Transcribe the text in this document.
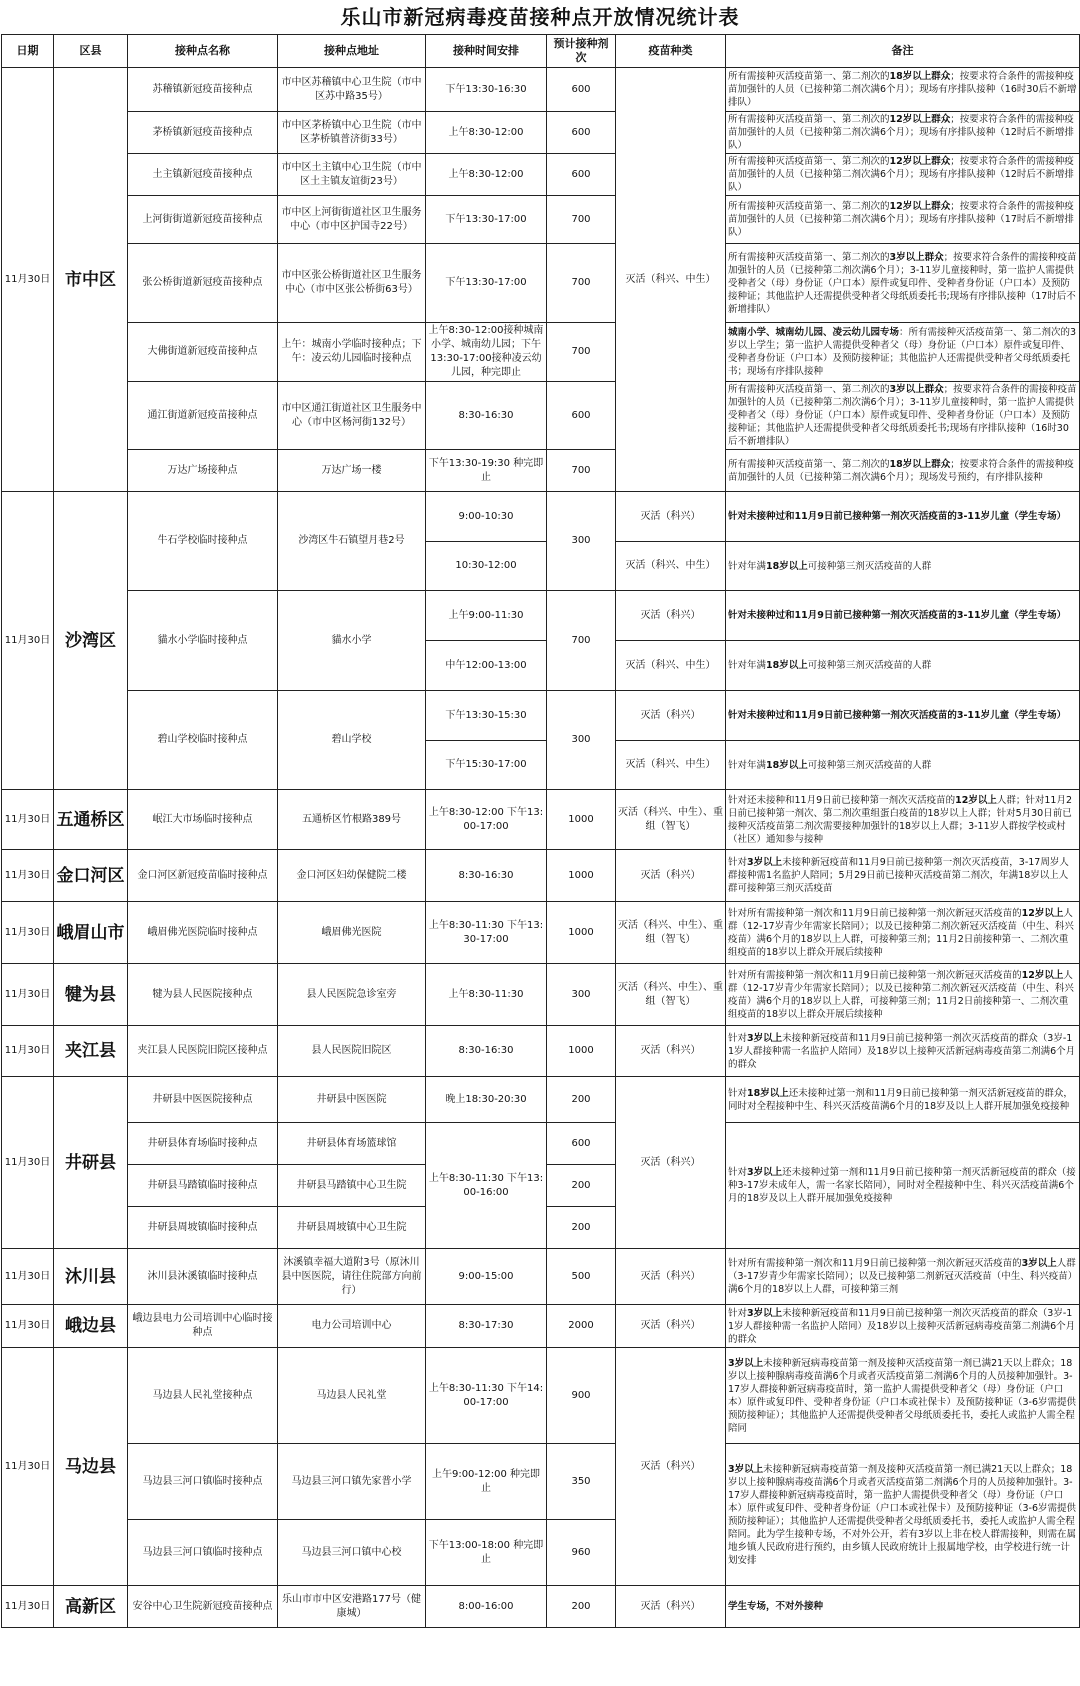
乐山市新冠病毒疫苗接种点开放情况统计表
日期	区县	接种点名称	接种点地址	接种时间安排	预计接种剂次	疫苗种类	备注
11月30日	市中区	苏稽镇新冠疫苗接种点	市中区苏稽镇中心卫生院（市中区苏中路35号）	下午13:30-16:30	600	灭活（科兴、中生）	所有需接种灭活疫苗第一、第二剂次的18岁以上群众；按要求符合条件的需接种疫苗加强针的人员（已接种第二剂次满6个月）；现场有序排队接种（16时30后不新增排队）
		茅桥镇新冠疫苗接种点	市中区茅桥镇中心卫生院（市中区茅桥镇普济街33号）	上午8:30-12:00	600		所有需接种灭活疫苗第一、第二剂次的12岁以上群众；按要求符合条件的需接种疫苗加强针的人员（已接种第二剂次满6个月）；现场有序排队接种（12时后不新增排队）
		土主镇新冠疫苗接种点	市中区土主镇中心卫生院（市中区土主镇友谊街23号）	上午8:30-12:00	600		所有需接种灭活疫苗第一、第二剂次的12岁以上群众；按要求符合条件的需接种疫苗加强针的人员（已接种第二剂次满6个月）；现场有序排队接种（12时后不新增排队）
		上河街街道新冠疫苗接种点	市中区上河街街道社区卫生服务中心（市中区护国寺22号）	下午13:30-17:00	700		所有需接种灭活疫苗第一、第二剂次的12岁以上群众；按要求符合条件的需接种疫苗加强针的人员（已接种第二剂次满6个月）；现场有序排队接种（17时后不新增排队）
		张公桥街道新冠疫苗接种点	市中区张公桥街道社区卫生服务中心（市中区张公桥街63号）	下午13:30-17:00	700		所有需接种灭活疫苗第一、第二剂次的3岁以上群众；按要求符合条件的需接种疫苗加强针的人员（已接种第二剂次满6个月）；3-11岁儿童接种时，第一监护人需提供受种者父（母）身份证（户口本）原件或复印件、受种者身份证（户口本）及预防接种证；其他监护人还需提供受种者父母纸质委托书;现场有序排队接种（17时后不新增排队）
		大佛街道新冠疫苗接种点	上午：城南小学临时接种点；下午：凌云幼儿园临时接种点	上午8:30-12:00接种城南小学、城南幼儿园；下午13:30-17:00接种凌云幼儿园，种完即止	700		城南小学、城南幼儿园、凌云幼儿园专场：所有需接种灭活疫苗第一、第二剂次的3岁以上学生；第一监护人需提供受种者父（母）身份证（户口本）原件或复印件、受种者身份证（户口本）及预防接种证；其他监护人还需提供受种者父母纸质委托书；现场有序排队接种
		通江街道新冠疫苗接种点	市中区通江街道社区卫生服务中心（市中区杨河街132号）	8:30-16:30	600		所有需接种灭活疫苗第一、第二剂次的3岁以上群众；按要求符合条件的需接种疫苗加强针的人员（已接种第二剂次满6个月）；3-11岁儿童接种时，第一监护人需提供受种者父（母）身份证（户口本）原件或复印件、受种者身份证（户口本）及预防接种证；其他监护人还需提供受种者父母纸质委托书;现场有序排队接种（16时30后不新增排队）
		万达广场接种点	万达广场一楼	下午13:30-19:30 种完即止	700		所有需接种灭活疫苗第一、第二剂次的18岁以上群众；按要求符合条件的需接种疫苗加强针的人员（已接种第二剂次满6个月）；现场发号预约，有序排队接种
11月30日	沙湾区	牛石学校临时接种点	沙湾区牛石镇望月巷2号	9:00-10:30	300	灭活（科兴）	针对未接种过和11月9日前已接种第一剂次灭活疫苗的3-11岁儿童（学生专场）
				10:30-12:00		灭活（科兴、中生）	针对年满18岁以上可接种第三剂灭活疫苗的人群
		貓水小学临时接种点	貓水小学	上午9:00-11:30	700	灭活（科兴）	针对未接种过和11月9日前已接种第一剂次灭活疫苗的3-11岁儿童（学生专场）
				中午12:00-13:00		灭活（科兴、中生）	针对年满18岁以上可接种第三剂灭活疫苗的人群
		碧山学校临时接种点	碧山学校	下午13:30-15:30	300	灭活（科兴）	针对未接种过和11月9日前已接种第一剂次灭活疫苗的3-11岁儿童（学生专场）
				下午15:30-17:00		灭活（科兴、中生）	针对年满18岁以上可接种第三剂灭活疫苗的人群
11月30日	五通桥区	岷江大市场临时接种点	五通桥区竹根路389号	上午8:30-12:00 下午13:00-17:00	1000	灭活（科兴、中生）、重组（智飞）	针对还未接种和11月9日前已接种第一剂次灭活疫苗的12岁以上人群；针对11月2日前已接种第一剂次、第二剂次重组蛋白疫苗的18岁以上人群；针对5月30日前已接种灭活疫苗第二剂次需要接种加强针的18岁以上人群；3-11岁人群按学校或村（社区）通知参与接种
11月30日	金口河区	金口河区新冠疫苗临时接种点	金口河区妇幼保健院二楼	8:30-16:30	1000	灭活（科兴）	针对3岁以上未接种新冠疫苗和11月9日前已接种第一剂次灭活疫苗，3-17周岁人群接种需1名监护人陪同；5月29日前已接种灭活疫苗第二剂次，年满18岁以上人群可接种第三剂灭活疫苗
11月30日	峨眉山市	峨眉佛光医院临时接种点	峨眉佛光医院	上午8:30-11:30 下午13:30-17:00	1000	灭活（科兴、中生）、重组（智飞）	针对所有需接种第一剂次和11月9日前已接种第一剂次新冠灭活疫苗的12岁以上人群（12-17岁青少年需家长陪同）；以及已接种第二剂次新冠灭活疫苗（中生、科兴疫苗）满6个月的18岁以上人群，可接种第三剂；11月2日前接种第一、二剂次重组疫苗的18岁以上群众开展后续接种
11月30日	犍为县	犍为县人民医院接种点	县人民医院急诊室旁	上午8:30-11:30	300	灭活（科兴、中生）、重组（智飞）	针对所有需接种第一剂次和11月9日前已接种第一剂次新冠灭活疫苗的12岁以上人群（12-17岁青少年需家长陪同）；以及已接种第二剂次新冠灭活疫苗（中生、科兴疫苗）满6个月的18岁以上人群，可接种第三剂；11月2日前接种第一、二剂次重组疫苗的18岁以上群众开展后续接种
11月30日	夹江县	夹江县人民医院旧院区接种点	县人民医院旧院区	8:30-16:30	1000	灭活（科兴）	针对3岁以上未接种新冠疫苗和11月9日前已接种第一剂次灭活疫苗的群众（3岁-11岁人群接种需一名监护人陪同）及18岁以上接种灭活新冠病毒疫苗第二剂满6个月的群众
11月30日	井研县	井研县中医医院接种点	井研县中医医院	晚上18:30-20:30	200	灭活（科兴）	针对18岁以上还未接种过第一剂和11月9日前已接种第一剂灭活新冠疫苗的群众，同时对全程接种中生、科兴灭活疫苗满6个月的18岁及以上人群开展加强免疫接种
		井研县体育场临时接种点	井研县体育场篮球馆	上午8:30-11:30 下午13:00-16:00	600		针对3岁以上还未接种过第一剂和11月9日前已接种第一剂灭活新冠疫苗的群众（接种3-17岁未成年人，需一名家长陪同），同时对全程接种中生、科兴灭活疫苗满6个月的18岁及以上人群开展加强免疫接种
		井研县马踏镇临时接种点	井研县马踏镇中心卫生院		200		
		井研县周坡镇临时接种点	井研县周坡镇中心卫生院		200		
11月30日	沐川县	沐川县沐溪镇临时接种点	沐溪镇幸福大道附3号（原沐川县中医医院，请往住院部方向前行）	9:00-15:00	500	灭活（科兴）	针对所有需接种第一剂次和11月9日前已接种第一剂次新冠灭活疫苗的3岁以上人群（3-17岁青少年需家长陪同）；以及已接种第二剂新冠灭活疫苗（中生、科兴疫苗）满6个月的18岁以上人群，可接种第三剂
11月30日	峨边县	峨边县电力公司培训中心临时接种点	电力公司培训中心	8:30-17:30	2000	灭活（科兴）	针对3岁以上未接种新冠疫苗和11月9日前已接种第一剂次灭活疫苗的群众（3岁-11岁人群接种需一名监护人陪同）及18岁以上接种灭活新冠病毒疫苗第二剂满6个月的群众
11月30日	马边县	马边县人民礼堂接种点	马边县人民礼堂	上午8:30-11:30 下午14:00-17:00	900	灭活（科兴）	3岁以上未接种新冠病毒疫苗第一剂及接种灭活疫苗第一剂已满21天以上群众；18岁以上接种腺病毒疫苗满6个月或者灭活疫苗第二剂满6个月的人员接种加强针。3-17岁人群接种新冠病毒疫苗时，第一监护人需提供受种者父（母）身份证（户口本）原件或复印件、受种者身份证（户口本或社保卡）及预防接种证（3-6岁需提供预防接种证）；其他监护人还需提供受种者父母纸质委托书，委托人或监护人需全程陪同
		马边县三河口镇临时接种点	马边县三河口镇先家普小学	上午9:00-12:00 种完即止	350		3岁以上未接种新冠病毒疫苗第一剂及接种灭活疫苗第一剂已满21天以上群众；18岁以上接种腺病毒疫苗满6个月或者灭活疫苗第二剂满6个月的人员接种加强针。3-17岁人群接种新冠病毒疫苗时，第一监护人需提供受种者父（母）身份证（户口本）原件或复印件、受种者身份证（户口本或社保卡）及预防接种证（3-6岁需提供预防接种证）；其他监护人还需提供受种者父母纸质委托书，委托人或监护人需全程陪同。此为学生接种专场，不对外公开，若有3岁以上非在校人群需接种，则需在属地乡镇人民政府进行预约，由乡镇人民政府统计上报属地学校，由学校进行统一计划安排
		马边县三河口镇临时接种点	马边县三河口镇中心校	下午13:00-18:00 种完即止	960		
11月30日	高新区	安谷中心卫生院新冠疫苗接种点	乐山市市中区安港路177号（健康城）	8:00-16:00	200	灭活（科兴）	学生专场，不对外接种
